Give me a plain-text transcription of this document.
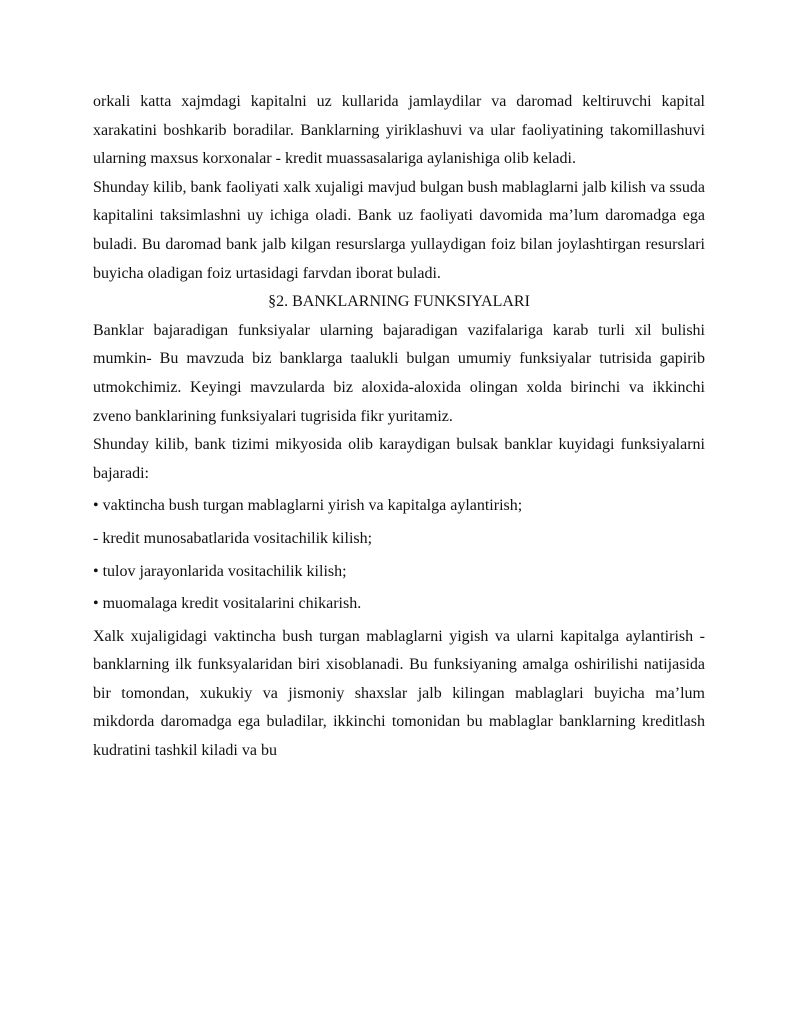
orkali katta xajmdagi kapitalni uz kullarida jamlaydilar va daromad keltiruvchi kapital xarakatini boshkarib boradilar. Banklarning yiriklashuvi va ular faoliyatining takomillashuvi ularning maxsus korxonalar - kredit muassasalariga aylanishiga olib keladi.

Shunday kilib, bank faoliyati xalk xujaligi mavjud bulgan bush mablaglarni jalb kilish va ssuda kapitalini taksimlashni uy ichiga oladi. Bank uz faoliyati davomida ma’lum daromadga ega buladi. Bu daromad bank jalb kilgan resurslarga yullaydigan foiz bilan joylashtirgan resurslari buyicha oladigan foiz urtasidagi farvdan iborat buladi.

§2. BANKLARNING FUNKSIYALARI

Banklar bajaradigan funksiyalar ularning bajaradigan vazifalariga karab turli xil bulishi mumkin- Bu mavzuda biz banklarga taalukli bulgan umumiy funksiyalar tutrisida gapirib utmokchimiz. Keyingi mavzularda biz aloxida-aloxida olingan xolda birinchi va ikkinchi zveno banklarining funksiyalari tugrisida fikr yuritamiz.

Shunday kilib, bank tizimi mikyosida olib karaydigan bulsak banklar kuyidagi funksiyalarni bajaradi:

• vaktincha bush turgan mablaglarni yirish va kapitalga aylantirish;

- kredit munosabatlarida vositachilik kilish;

• tulov jarayonlarida vositachilik kilish;

• muomalaga kredit vositalarini chikarish.

Xalk xujaligidagi vaktincha bush turgan mablaglarni yigish va ularni kapitalga aylantirish - banklarning ilk funksyalaridan biri xisoblanadi. Bu funksiyaning amalga oshirilishi natijasida bir tomondan, xukukiy va jismoniy shaxslar jalb kilingan mablaglari buyicha ma’lum mikdorda daromadga ega buladilar, ikkinchi tomonidan bu mablaglar banklarning kreditlash kudratini tashkil kiladi va bu
